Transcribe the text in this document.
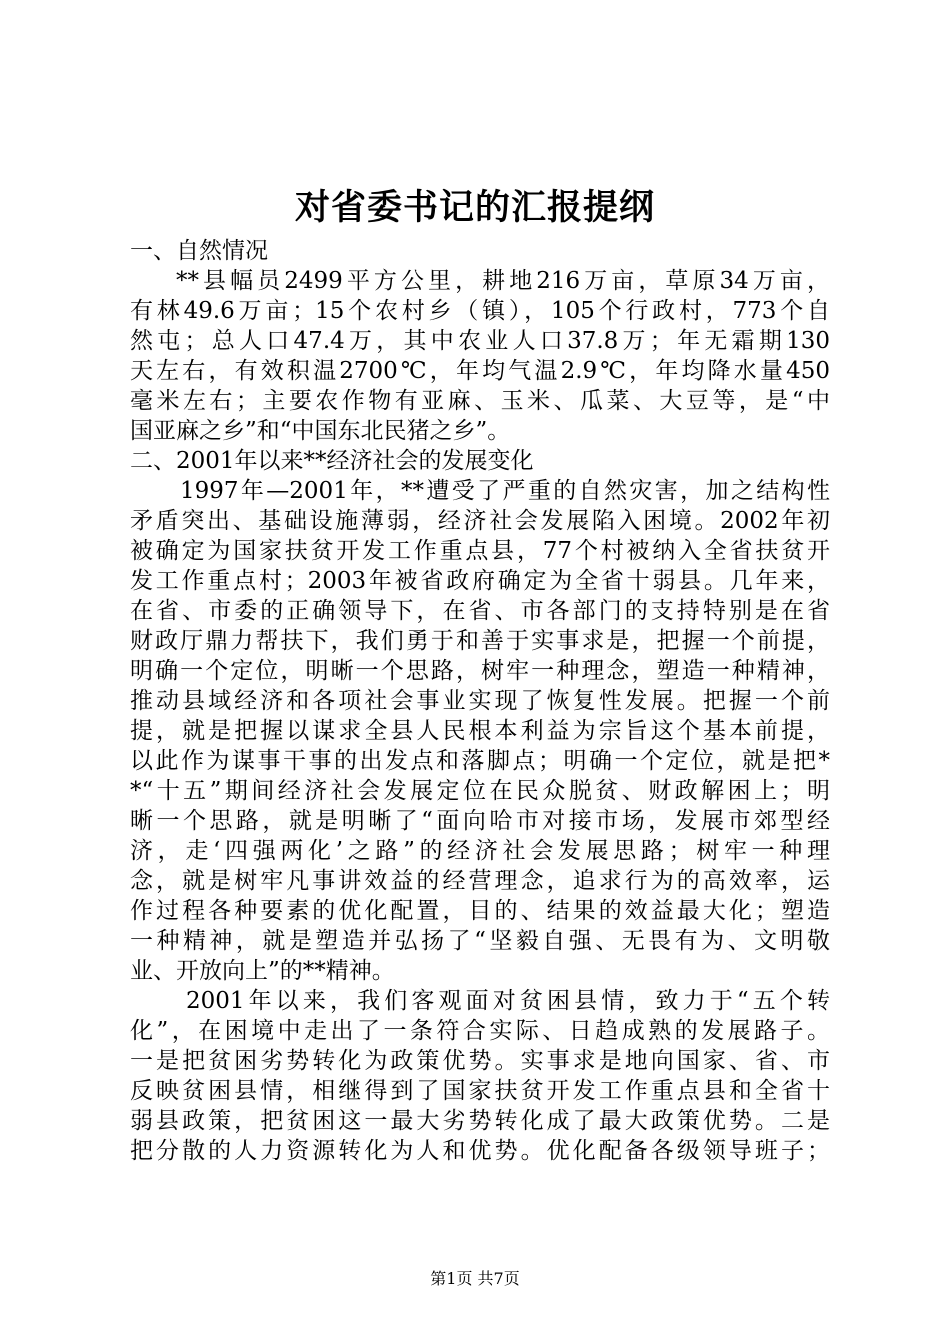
对省委书记的汇报提纲

一、自然情况

**县幅员2499平方公里，耕地216万亩，草原34万亩，
有林49.6万亩；15个农村乡（镇），105个行政村，773个自
然屯；总人口47.4万，其中农业人口37.8万；年无霜期130
天左右，有效积温2700℃，年均气温2.9℃，年均降水量450
毫米左右；主要农作物有亚麻、玉米、瓜菜、大豆等，是“中
国亚麻之乡”和“中国东北民猪之乡”。

二、2001年以来**经济社会的发展变化

1997年—2001年，**遭受了严重的自然灾害，加之结构性
矛盾突出、基础设施薄弱，经济社会发展陷入困境。2002年初
被确定为国家扶贫开发工作重点县，77个村被纳入全省扶贫开
发工作重点村；2003年被省政府确定为全省十弱县。几年来，
在省、市委的正确领导下，在省、市各部门的支持特别是在省
财政厅鼎力帮扶下，我们勇于和善于实事求是，把握一个前提，
明确一个定位，明晰一个思路，树牢一种理念，塑造一种精神，
推动县域经济和各项社会事业实现了恢复性发展。把握一个前
提，就是把握以谋求全县人民根本利益为宗旨这个基本前提，
以此作为谋事干事的出发点和落脚点；明确一个定位，就是把*
*“十五”期间经济社会发展定位在民众脱贫、财政解困上；明
晰一个思路，就是明晰了“面向哈市对接市场，发展市郊型经
济，走‘四强两化’之路”的经济社会发展思路；树牢一种理
念，就是树牢凡事讲效益的经营理念，追求行为的高效率，运
作过程各种要素的优化配置，目的、结果的效益最大化；塑造
一种精神，就是塑造并弘扬了“坚毅自强、无畏有为、文明敬
业、开放向上”的**精神。

2001年以来，我们客观面对贫困县情，致力于“五个转
化”，在困境中走出了一条符合实际、日趋成熟的发展路子。
一是把贫困劣势转化为政策优势。实事求是地向国家、省、市
反映贫困县情，相继得到了国家扶贫开发工作重点县和全省十
弱县政策，把贫困这一最大劣势转化成了最大政策优势。二是
把分散的人力资源转化为人和优势。优化配备各级领导班子；

第1页 共7页
